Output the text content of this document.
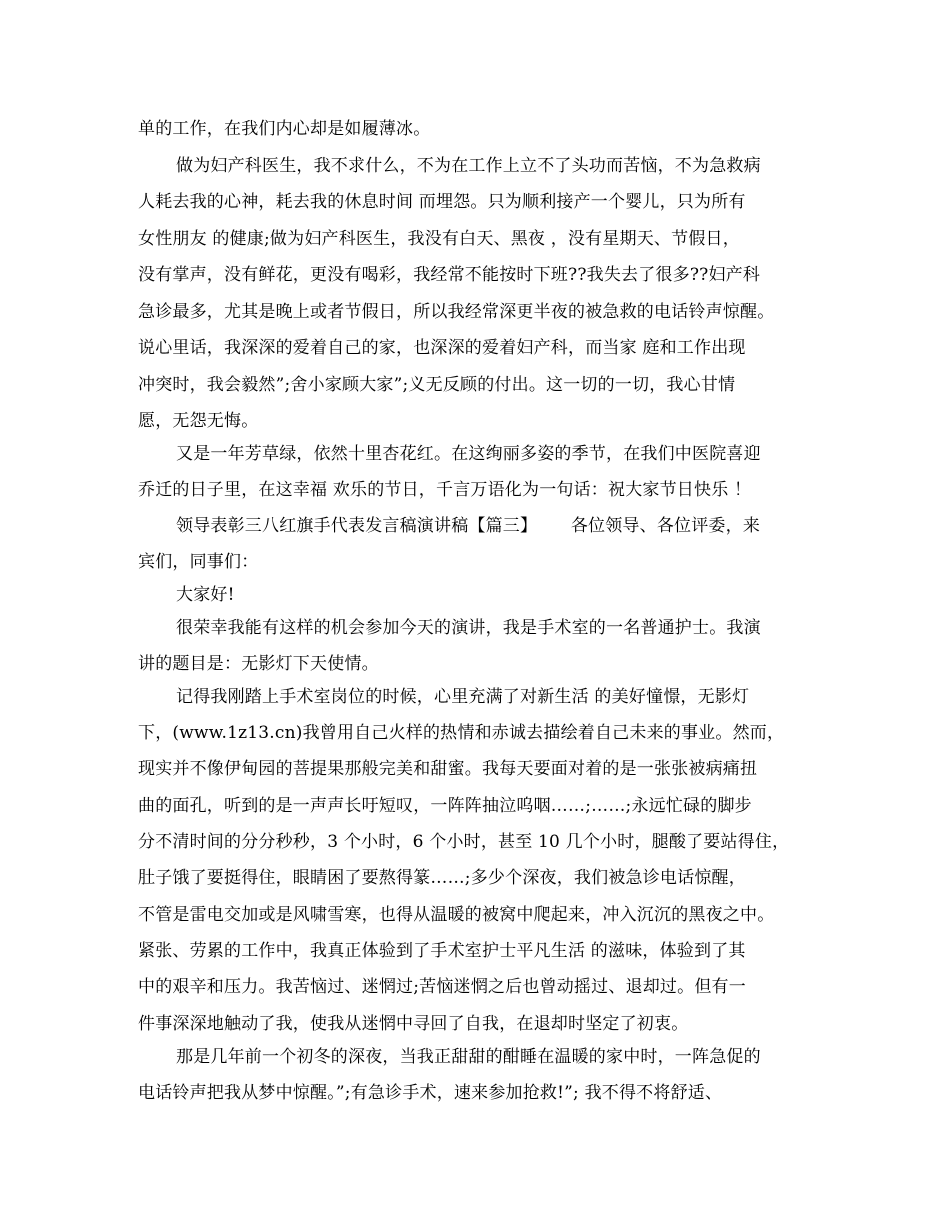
单的工作，在我们内心却是如履薄冰。
做为妇产科医生，我不求什么，不为在工作上立不了头功而苦恼，不为急救病
人耗去我的心神，耗去我的休息时间 而埋怨。只为顺利接产一个婴儿，只为所有
女性朋友 的健康;做为妇产科医生，我没有白天、黑夜 ，没有星期天、节假日，
没有掌声，没有鲜花，更没有喝彩，我经常不能按时下班??我失去了很多??妇产科
急诊最多，尤其是晚上或者节假日，所以我经常深更半夜的被急救的电话铃声惊醒。
说心里话，我深深的爱着自己的家，也深深的爱着妇产科，而当家 庭和工作出现
冲突时，我会毅然”;舍小家顾大家”;义无反顾的付出。这一切的一切，我心甘情
愿，无怨无悔。
又是一年芳草绿，依然十里杏花红。在这绚丽多姿的季节，在我们中医院喜迎
乔迁的日子里，在这幸福 欢乐的节日，千言万语化为一句话：祝大家节日快乐 ！
领导表彰三八红旗手代表发言稿演讲稿【篇三】      各位领导、各位评委，来
宾们，同事们：
大家好!
很荣幸我能有这样的机会参加今天的演讲，我是手术室的一名普通护士。我演
讲的题目是：无影灯下天使情。
记得我刚踏上手术室岗位的时候，心里充满了对新生活 的美好憧憬，无影灯
下，(www.1z13.cn)我曾用自己火样的热情和赤诚去描绘着自己未来的事业。然而，
现实并不像伊甸园的菩提果那般完美和甜蜜。我每天要面对着的是一张张被病痛扭
曲的面孔，听到的是一声声长吁短叹，一阵阵抽泣呜咽……;……;永远忙碌的脚步
分不清时间的分分秒秒，3 个小时，6 个小时，甚至 10 几个小时，腿酸了要站得住，
肚子饿了要挺得住，眼睛困了要熬得篆……;多少个深夜，我们被急诊电话惊醒，
不管是雷电交加或是风啸雪寒，也得从温暖的被窝中爬起来，冲入沉沉的黑夜之中。
紧张、劳累的工作中，我真正体验到了手术室护士平凡生活 的滋味，体验到了其
中的艰辛和压力。我苦恼过、迷惘过;苦恼迷惘之后也曾动摇过、退却过。但有一
件事深深地触动了我，使我从迷惘中寻回了自我，在退却时坚定了初衷。
那是几年前一个初冬的深夜，当我正甜甜的酣睡在温暖的家中时，一阵急促的
电话铃声把我从梦中惊醒。”;有急诊手术，速来参加抢救!”; 我不得不将舒适、
